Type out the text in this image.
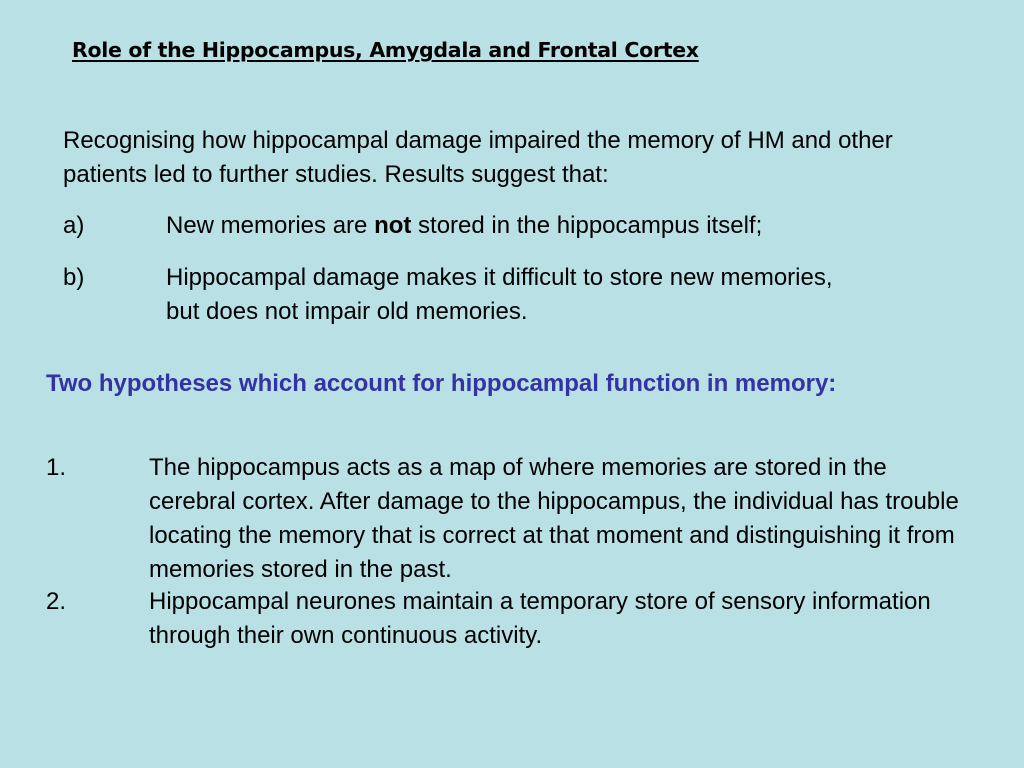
Role of the Hippocampus, Amygdala and Frontal Cortex
Recognising how hippocampal damage impaired the memory of HM and other patients led to further studies. Results suggest that:
a)	New memories are not stored in the hippocampus itself;
b)	Hippocampal damage makes it difficult to store new memories, but does not impair old memories.
Two hypotheses which account for hippocampal function in memory:
1.	The hippocampus acts as a map of where memories are stored in the cerebral cortex. After damage to the hippocampus, the individual has trouble locating the memory that is correct at that moment and distinguishing it from memories stored in the past.
2.	Hippocampal neurones maintain a temporary store of sensory information through their own continuous activity.
